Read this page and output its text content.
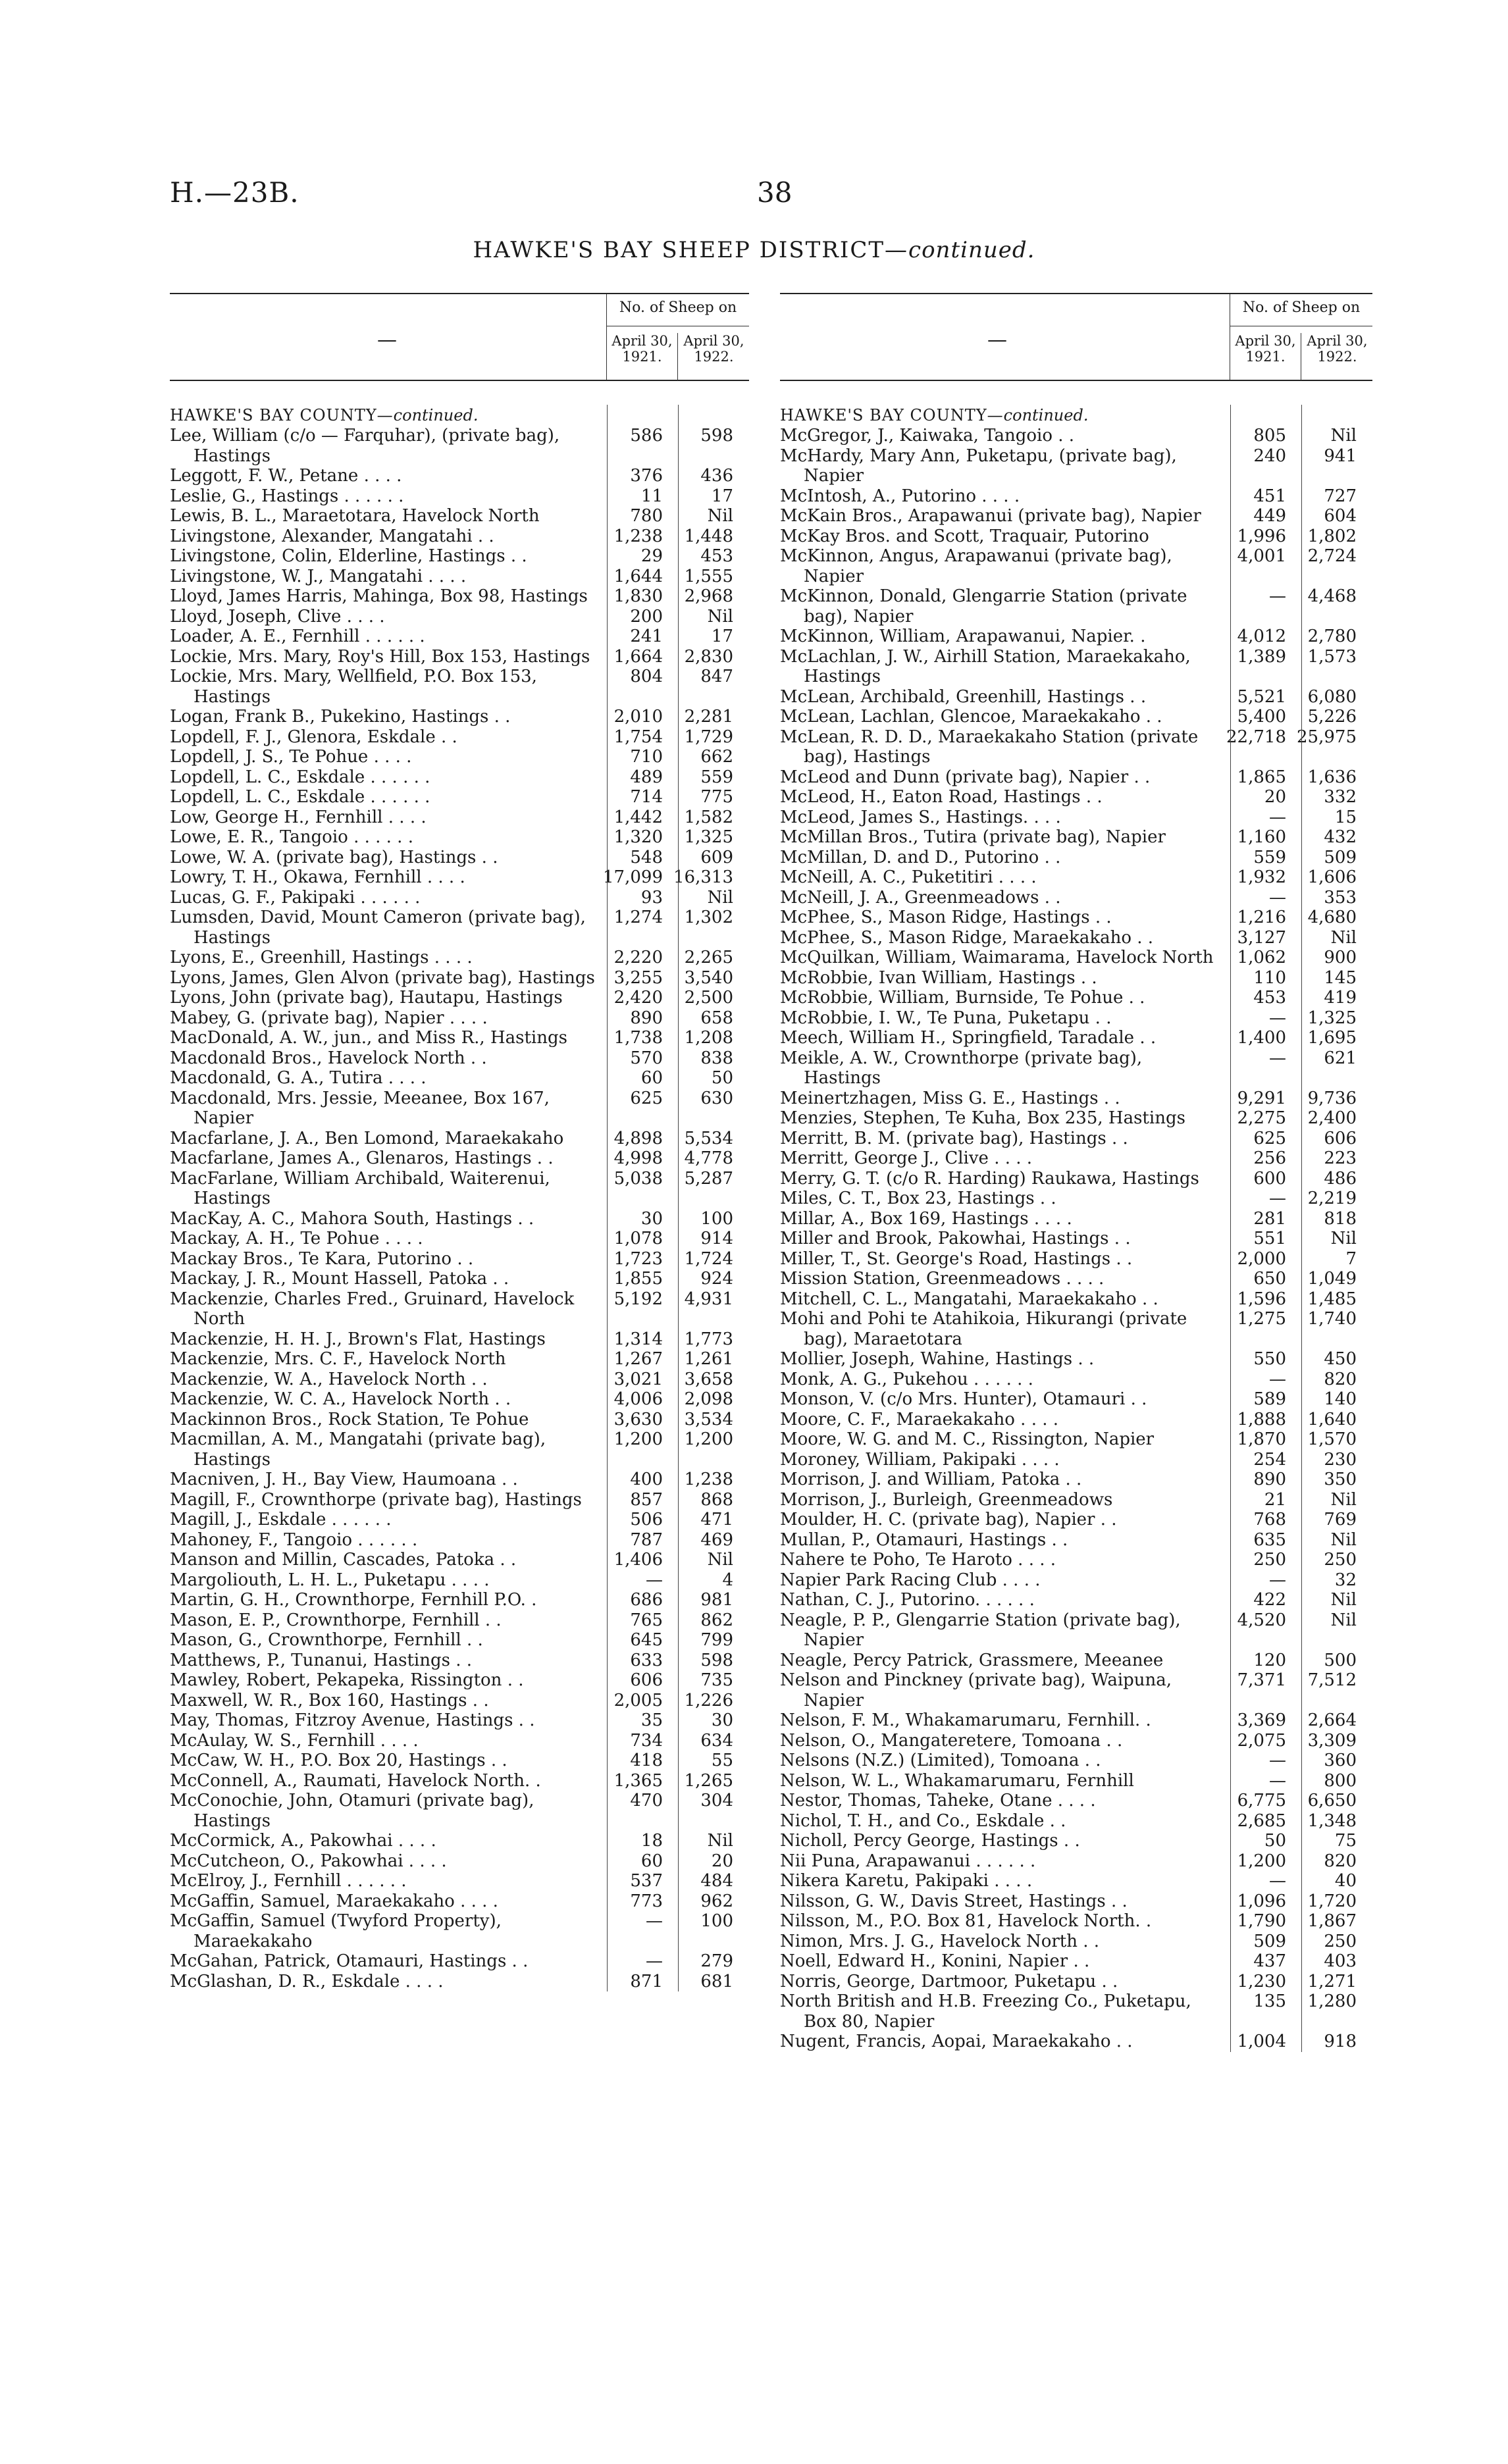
H.—23B.	38
HAWKE'S BAY SHEEP DISTRICT—continued.
—
No. of Sheep on
April 30, 1921.
April 30, 1922.
HAWKE'S BAY COUNTY—continued.
Lee, William (c/o — Farquhar), (private bag), Hastings
586	598
Leggott, F. W., Petane . . . .	376	436
Leslie, G., Hastings . . . . . .	11	17
Lewis, B. L., Maraetotara, Havelock North	780	Nil
Livingstone, Alexander, Mangatahi . .	1,238	1,448
Livingstone, Colin, Elderline, Hastings . .	29	453
Livingstone, W. J., Mangatahi . . . .	1,644	1,555
Lloyd, James Harris, Mahinga, Box 98, Hastings	1,830	2,968
Lloyd, Joseph, Clive . . . .	200	Nil
Loader, A. E., Fernhill . . . . . .	241	17
Lockie, Mrs. Mary, Roy's Hill, Box 153, Hastings	1,664	2,830
Lockie, Mrs. Mary, Wellfield, P.O. Box 153, Hastings
804	847
Logan, Frank B., Pukekino, Hastings . .	2,010	2,281
Lopdell, F. J., Glenora, Eskdale . .	1,754	1,729
Lopdell, J. S., Te Pohue . . . .	710	662
Lopdell, L. C., Eskdale . . . . . .	489	559
Lopdell, L. C., Eskdale . . . . . .	714	775
Low, George H., Fernhill . . . .	1,442	1,582
Lowe, E. R., Tangoio . . . . . .	1,320	1,325
Lowe, W. A. (private bag), Hastings . .	548	609
Lowry, T. H., Okawa, Fernhill . . . .	17,099 16,313
Lucas, G. F., Pakipaki . . . . . .	93	Nil
Lumsden, David, Mount Cameron (private bag), Hastings
1,274	1,302
Lyons, E., Greenhill, Hastings . . . .	2,220	2,265
Lyons, James, Glen Alvon (private bag), Hastings	3,255	3,540
Lyons, John (private bag), Hautapu, Hastings	2,420	2,500
Mabey, G. (private bag), Napier . . . .	890	658
MacDonald, A. W., jun., and Miss R., Hastings	1,738	1,208
Macdonald Bros., Havelock North . .	570	838
Macdonald, G. A., Tutira . . . .	60	50
Macdonald, Mrs. Jessie, Meeanee, Box 167, Napier
625	630
Macfarlane, J. A., Ben Lomond, Maraekakaho	4,898	5,534
Macfarlane, James A., Glenaros, Hastings . .	4,998	4,778
MacFarlane, William Archibald, Waiterenui, Hastings
5,038	5,287
MacKay, A. C., Mahora South, Hastings . .	30	100
Mackay, A. H., Te Pohue . . . .	1,078	914
Mackay Bros., Te Kara, Putorino . .	1,723	1,724
Mackay, J. R., Mount Hassell, Patoka . .	1,855	924
Mackenzie, Charles Fred., Gruinard, Havelock North
5,192	4,931
Mackenzie, H. H. J., Brown's Flat, Hastings	1,314	1,773
Mackenzie, Mrs. C. F., Havelock North	1,267	1,261
Mackenzie, W. A., Havelock North . .	3,021	3,658
Mackenzie, W. C. A., Havelock North . .	4,006	2,098
Mackinnon Bros., Rock Station, Te Pohue	3,630	3,534
Macmillan, A. M., Mangatahi (private bag), Hastings
1,200	1,200
Macniven, J. H., Bay View, Haumoana . .	400	1,238
Magill, F., Crownthorpe (private bag), Hastings	857	868
Magill, J., Eskdale . . . . . .	506	471
Mahoney, F., Tangoio . . . . . .	787	469
Manson and Millin, Cascades, Patoka . .	1,406	Nil
Margoliouth, L. H. L., Puketapu . . . .	—	4
Martin, G. H., Crownthorpe, Fernhill P.O. .	686	981
Mason, E. P., Crownthorpe, Fernhill . .	765	862
Mason, G., Crownthorpe, Fernhill . .	645	799
Matthews, P., Tunanui, Hastings . .	633	598
Mawley, Robert, Pekapeka, Rissington . .	606	735
Maxwell, W. R., Box 160, Hastings . .	2,005	1,226
May, Thomas, Fitzroy Avenue, Hastings . .	35	30
McAulay, W. S., Fernhill . . . .	734	634
McCaw, W. H., P.O. Box 20, Hastings . .	418	55
McConnell, A., Raumati, Havelock North. .	1,365	1,265
McConochie, John, Otamuri (private bag), Hastings
470	304
McCormick, A., Pakowhai . . . .	18	Nil
McCutcheon, O., Pakowhai . . . .	60	20
McElroy, J., Fernhill . . . . . .	537	484
McGaffin, Samuel, Maraekakaho . . . .	773	962
McGaffin, Samuel (Twyford Property), Maraekakaho
—	100
McGahan, Patrick, Otamauri, Hastings . .	—	279
McGlashan, D. R., Eskdale . . . .	871	681
—
No. of Sheep on
April 30, 1921.
April 30, 1922.
HAWKE'S BAY COUNTY—continued.
McGregor, J., Kaiwaka, Tangoio . .	805	Nil
McHardy, Mary Ann, Puketapu, (private bag), Napier
240	941
McIntosh, A., Putorino . . . .	451	727
McKain Bros., Arapawanui (private bag), Napier	449	604
McKay Bros. and Scott, Traquair, Putorino	1,996	1,802
McKinnon, Angus, Arapawanui (private bag), Napier
4,001	2,724
McKinnon, Donald, Glengarrie Station (private bag), Napier
—	4,468
McKinnon, William, Arapawanui, Napier. .	4,012	2,780
McLachlan, J. W., Airhill Station, Maraekakaho, Hastings
1,389	1,573
McLean, Archibald, Greenhill, Hastings . .	5,521	6,080
McLean, Lachlan, Glencoe, Maraekakaho . .	5,400	5,226
McLean, R. D. D., Maraekakaho Station (private bag), Hastings
22,718 25,975
McLeod and Dunn (private bag), Napier . .	1,865	1,636
McLeod, H., Eaton Road, Hastings . .	20	332
McLeod, James S., Hastings. . . .	—	15
McMillan Bros., Tutira (private bag), Napier	1,160	432
McMillan, D. and D., Putorino . .	559	509
McNeill, A. C., Puketitiri . . . .	1,932	1,606
McNeill, J. A., Greenmeadows . .	—	353
McPhee, S., Mason Ridge, Hastings . .	1,216	4,680
McPhee, S., Mason Ridge, Maraekakaho . .	3,127	Nil
McQuilkan, William, Waimarama, Havelock North	1,062	900
McRobbie, Ivan William, Hastings . .	110	145
McRobbie, William, Burnside, Te Pohue . .	453	419
McRobbie, I. W., Te Puna, Puketapu . .	—	1,325
Meech, William H., Springfield, Taradale . .	1,400	1,695
Meikle, A. W., Crownthorpe (private bag), Hastings
—	621
Meinertzhagen, Miss G. E., Hastings . .	9,291	9,736
Menzies, Stephen, Te Kuha, Box 235, Hastings	2,275	2,400
Merritt, B. M. (private bag), Hastings . .	625	606
Merritt, George J., Clive . . . .	256	223
Merry, G. T. (c/o R. Harding) Raukawa, Hastings	600	486
Miles, C. T., Box 23, Hastings . .	—	2,219
Millar, A., Box 169, Hastings . . . .	281	818
Miller and Brook, Pakowhai, Hastings . .	551	Nil
Miller, T., St. George's Road, Hastings . .	2,000	7
Mission Station, Greenmeadows . . . .	650	1,049
Mitchell, C. L., Mangatahi, Maraekakaho . .	1,596	1,485
Mohi and Pohi te Atahikoia, Hikurangi (private bag), Maraetotara
1,275	1,740
Mollier, Joseph, Wahine, Hastings . .	550	450
Monk, A. G., Pukehou . . . . . .	—	820
Monson, V. (c/o Mrs. Hunter), Otamauri . .	589	140
Moore, C. F., Maraekakaho . . . .	1,888	1,640
Moore, W. G. and M. C., Rissington, Napier	1,870	1,570
Moroney, William, Pakipaki . . . .	254	230
Morrison, J. and William, Patoka . .	890	350
Morrison, J., Burleigh, Greenmeadows	21	Nil
Moulder, H. C. (private bag), Napier . .	768	769
Mullan, P., Otamauri, Hastings . .	635	Nil
Nahere te Poho, Te Haroto . . . .	250	250
Napier Park Racing Club . . . .	—	32
Nathan, C. J., Putorino. . . . . .	422	Nil
Neagle, P. P., Glengarrie Station (private bag), Napier
4,520	Nil
Neagle, Percy Patrick, Grassmere, Meeanee	120	500
Nelson and Pinckney (private bag), Waipuna, Napier
7,371	7,512
Nelson, F. M., Whakamarumaru, Fernhill. .	3,369	2,664
Nelson, O., Mangateretere, Tomoana . .	2,075	3,309
Nelsons (N.Z.) (Limited), Tomoana . .	—	360
Nelson, W. L., Whakamarumaru, Fernhill	—	800
Nestor, Thomas, Taheke, Otane . . . .	6,775	6,650
Nichol, T. H., and Co., Eskdale . .	2,685	1,348
Nicholl, Percy George, Hastings . .	50	75
Nii Puna, Arapawanui . . . . . .	1,200	820
Nikera Karetu, Pakipaki . . . .	—	40
Nilsson, G. W., Davis Street, Hastings . .	1,096	1,720
Nilsson, M., P.O. Box 81, Havelock North. .	1,790	1,867
Nimon, Mrs. J. G., Havelock North . .	509	250
Noell, Edward H., Konini, Napier . .	437	403
Norris, George, Dartmoor, Puketapu . .	1,230	1,271
North British and H.B. Freezing Co., Puketapu, Box 80, Napier
135	1,280
Nugent, Francis, Aopai, Maraekakaho . .	1,004	918
